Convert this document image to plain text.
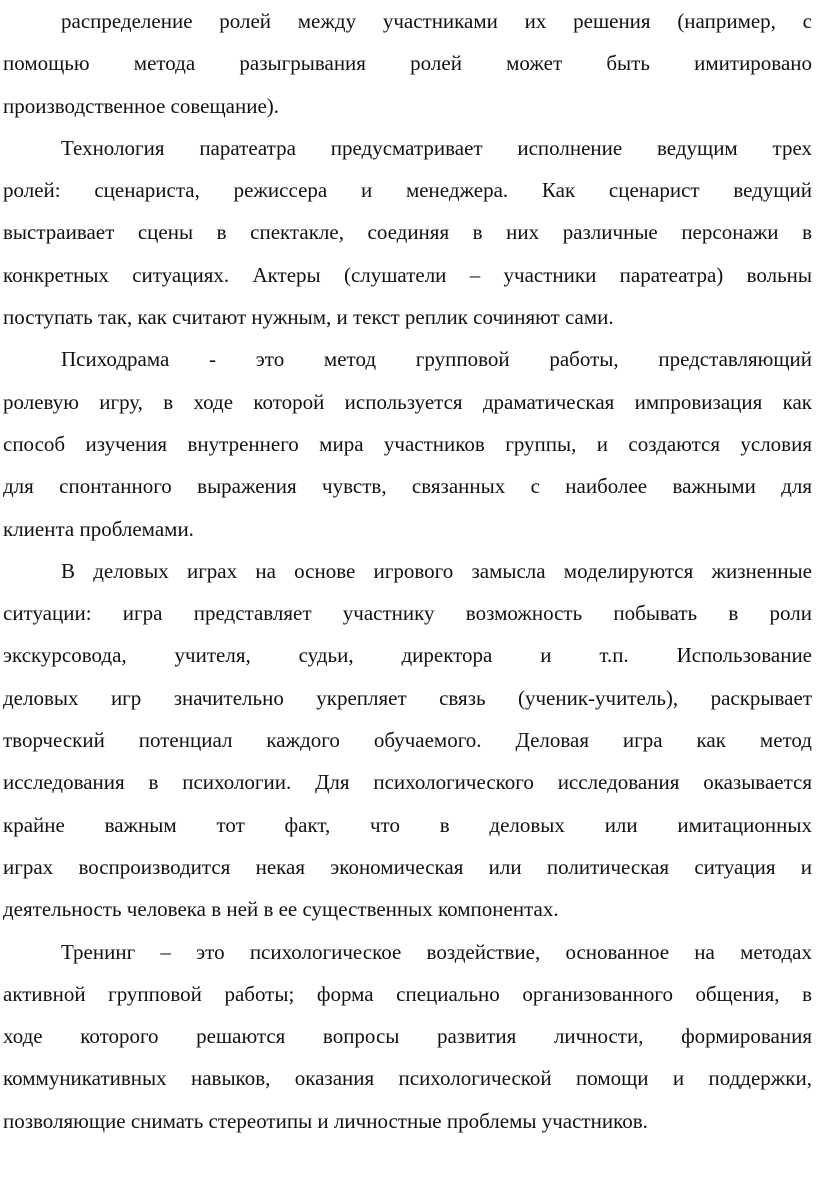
распределение ролей между участниками их решения (например, с
помощью метода разыгрывания ролей может быть имитировано
производственное совещание).
Технология паратеатра предусматривает исполнение ведущим трех
ролей: сценариста, режиссера и менеджера. Как сценарист ведущий
выстраивает сцены в спектакле, соединяя в них различные персонажи в
конкретных ситуациях. Актеры (слушатели – участники паратеатра) вольны
поступать так, как считают нужным, и текст реплик сочиняют сами.
Психодрама - это метод групповой работы, представляющий
ролевую игру, в ходе которой используется драматическая импровизация как
способ изучения внутреннего мира участников группы, и создаются условия
для спонтанного выражения чувств, связанных с наиболее важными для
клиента проблемами.
В деловых играх на основе игрового замысла моделируются жизненные
ситуации: игра представляет участнику возможность побывать в роли
экскурсовода, учителя, судьи, директора и т.п. Использование
деловых игр значительно укрепляет связь (ученик-учитель), раскрывает
творческий потенциал каждого обучаемого. Деловая игра как метод
исследования в психологии. Для психологического исследования оказывается
крайне важным тот факт, что в деловых или имитационных
играх воспроизводится некая экономическая или политическая ситуация и
деятельность человека в ней в ее существенных компонентах.
Тренинг – это психологическое воздействие, основанное на методах
активной групповой работы; форма специально организованного общения, в
ходе которого решаются вопросы развития личности, формирования
коммуникативных навыков, оказания психологической помощи и поддержки,
позволяющие снимать стереотипы и личностные проблемы участников.
